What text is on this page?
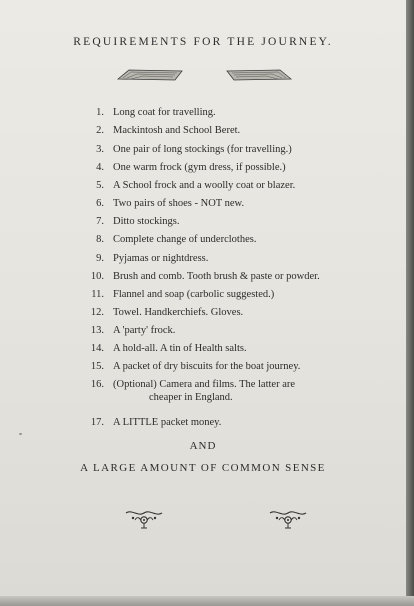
REQUIREMENTS FOR THE JOURNEY.
1. Long coat for travelling.
2. Mackintosh and School Beret.
3. One pair of long stockings (for travelling.)
4. One warm frock (gym dress, if possible.)
5. A School frock and a woolly coat or blazer.
6. Two pairs of shoes - NOT new.
7. Ditto stockings.
8. Complete change of underclothes.
9. Pyjamas or nightdress.
10. Brush and comb. Tooth brush & paste or powder.
11. Flannel and soap (carbolic suggested.)
12. Towel. Handkerchiefs. Gloves.
13. A 'party' frock.
14. A hold-all. A tin of Health salts.
15. A packet of dry biscuits for the boat journey.
16. (Optional) Camera and films. The latter are
cheaper in England.
17. A LITTLE packet money.
AND
A LARGE AMOUNT OF COMMON SENSE
